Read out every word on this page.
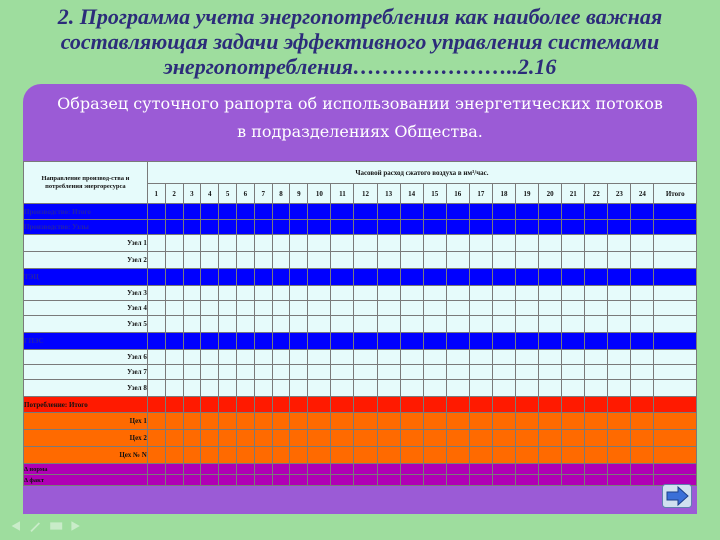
2. Программа учета энергопотребления как наиболее важная составляющая задачи эффективного управления системами энергопотребления…………………..2.16
Образец суточного рапорта об использовании энергетических потоков
в подразделениях Общества.
Направление производ-ства и потребления энергоресурса	Часовой расход сжатого воздуха в нм³/час.																								
	1	2	3	4	5	6	7	8	9	10	11	12	13	14	15	16	17	18	19	20	21	22	23	24	Итого
Производство: Итого																									
Производство: Узлы																									
Узел 1																									
Узел 2																									
ТЭЦ																									
Узел 3																									
Узел 4																									
Узел 5																									
ГПЭС																									
Узел 6																									
Узел 7																									
Узел 8																									
Потребление: Итого																									
Цех 1																									
Цех 2																									
Цех № N																									
Δ норма																									
Δ факт																									
